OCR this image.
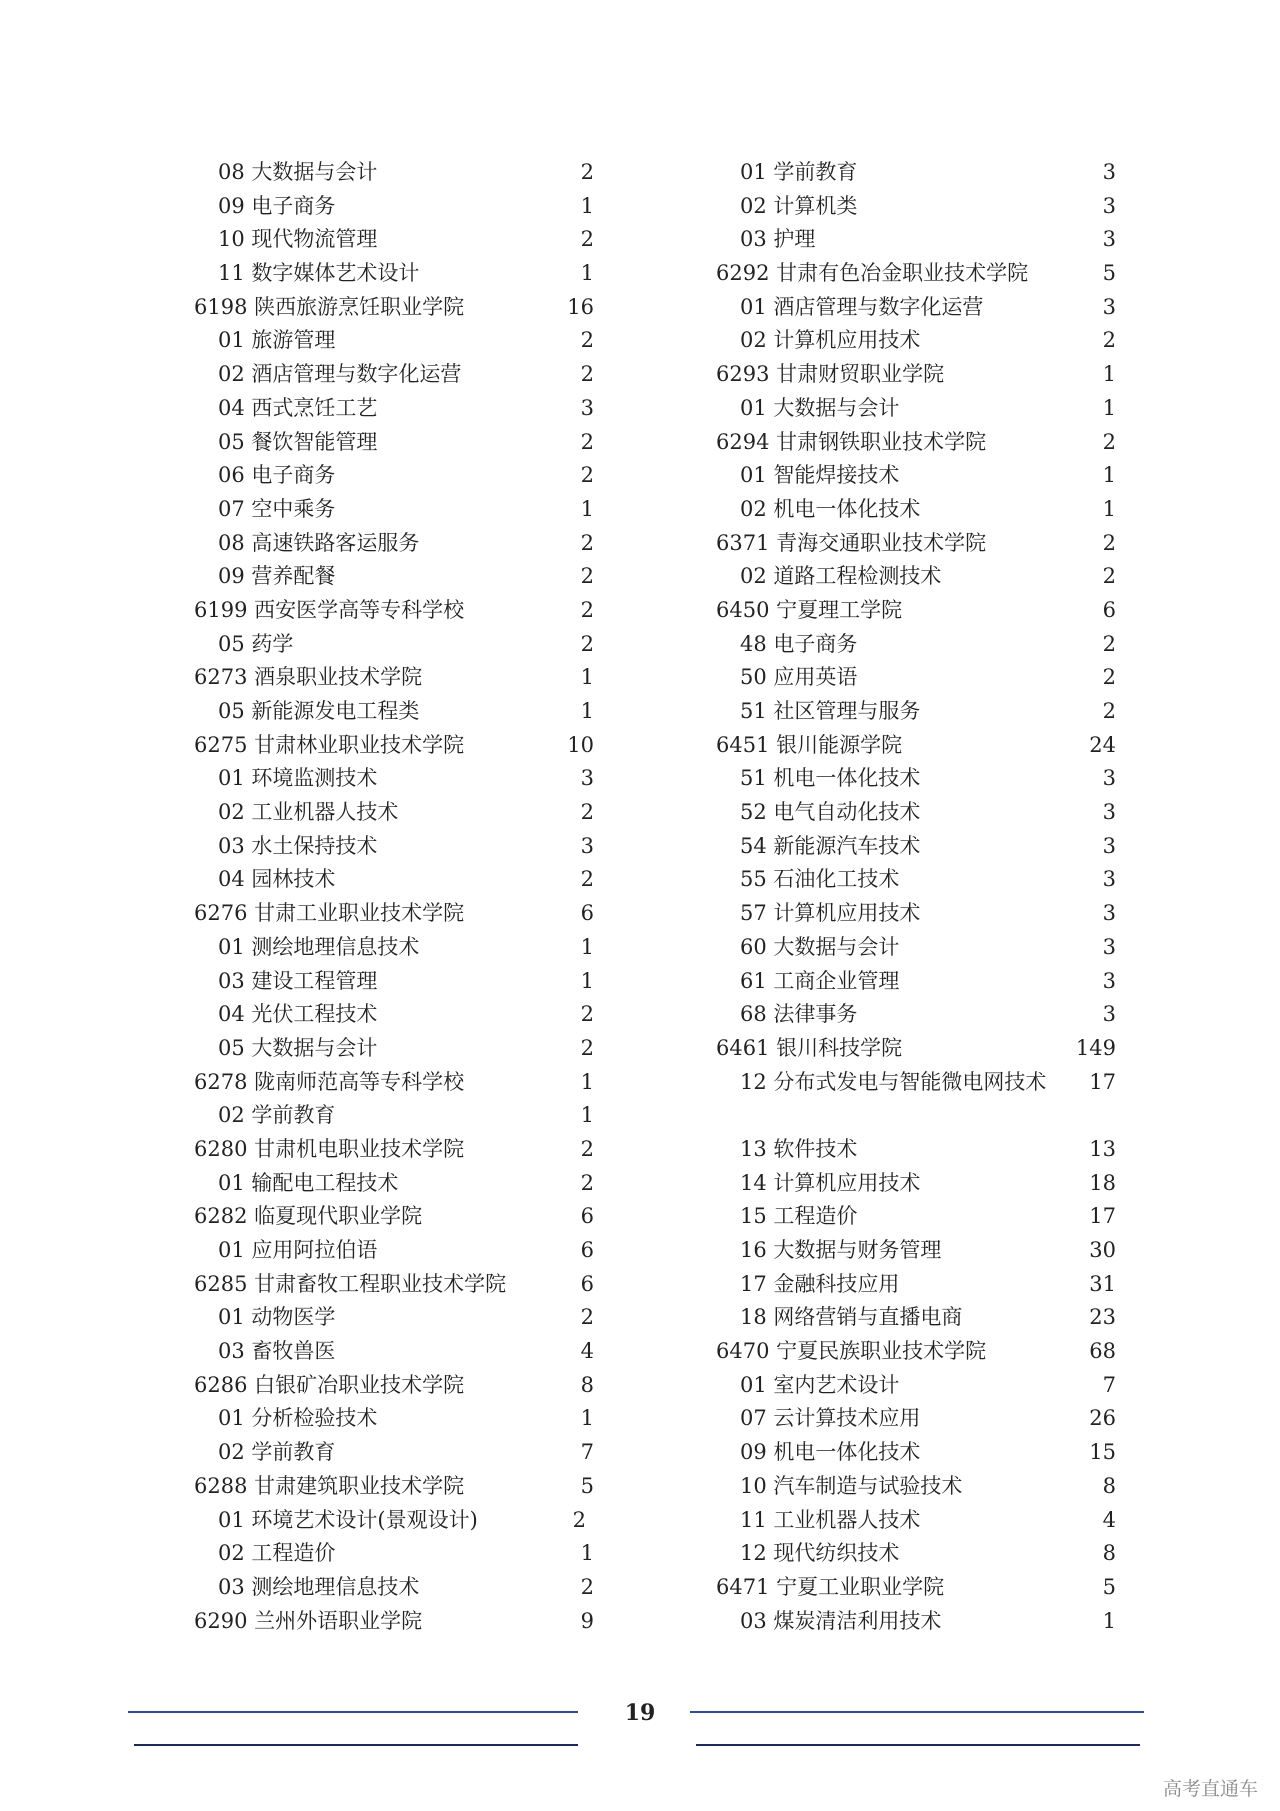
08 大数据与会计	2
09 电子商务	1
10 现代物流管理	2
11 数字媒体艺术设计	1
6198 陕西旅游烹饪职业学院	16
01 旅游管理	2
02 酒店管理与数字化运营	2
04 西式烹饪工艺	3
05 餐饮智能管理	2
06 电子商务	2
07 空中乘务	1
08 高速铁路客运服务	2
09 营养配餐	2
6199 西安医学高等专科学校	2
05 药学	2
6273 酒泉职业技术学院	1
05 新能源发电工程类	1
6275 甘肃林业职业技术学院	10
01 环境监测技术	3
02 工业机器人技术	2
03 水土保持技术	3
04 园林技术	2
6276 甘肃工业职业技术学院	6
01 测绘地理信息技术	1
03 建设工程管理	1
04 光伏工程技术	2
05 大数据与会计	2
6278 陇南师范高等专科学校	1
02 学前教育	1
6280 甘肃机电职业技术学院	2
01 输配电工程技术	2
6282 临夏现代职业学院	6
01 应用阿拉伯语	6
6285 甘肃畜牧工程职业技术学院	6
01 动物医学	2
03 畜牧兽医	4
6286 白银矿冶职业技术学院	8
01 分析检验技术	1
02 学前教育	7
6288 甘肃建筑职业技术学院	5
01 环境艺术设计(景观设计)	2
02 工程造价	1
03 测绘地理信息技术	2
6290 兰州外语职业学院	9
01 学前教育	3
02 计算机类	3
03 护理	3
6292 甘肃有色冶金职业技术学院	5
01 酒店管理与数字化运营	3
02 计算机应用技术	2
6293 甘肃财贸职业学院	1
01 大数据与会计	1
6294 甘肃钢铁职业技术学院	2
01 智能焊接技术	1
02 机电一体化技术	1
6371 青海交通职业技术学院	2
02 道路工程检测技术	2
6450 宁夏理工学院	6
48 电子商务	2
50 应用英语	2
51 社区管理与服务	2
6451 银川能源学院	24
51 机电一体化技术	3
52 电气自动化技术	3
54 新能源汽车技术	3
55 石油化工技术	3
57 计算机应用技术	3
60 大数据与会计	3
61 工商企业管理	3
68 法律事务	3
6461 银川科技学院	149
12 分布式发电与智能微电网技术 17
13 软件技术	13
14 计算机应用技术	18
15 工程造价	17
16 大数据与财务管理	30
17 金融科技应用	31
18 网络营销与直播电商	23
6470 宁夏民族职业技术学院	68
01 室内艺术设计	7
07 云计算技术应用	26
09 机电一体化技术	15
10 汽车制造与试验技术	8
11 工业机器人技术	4
12 现代纺织技术	8
6471 宁夏工业职业学院	5
03 煤炭清洁利用技术	1
19
高考直通车
